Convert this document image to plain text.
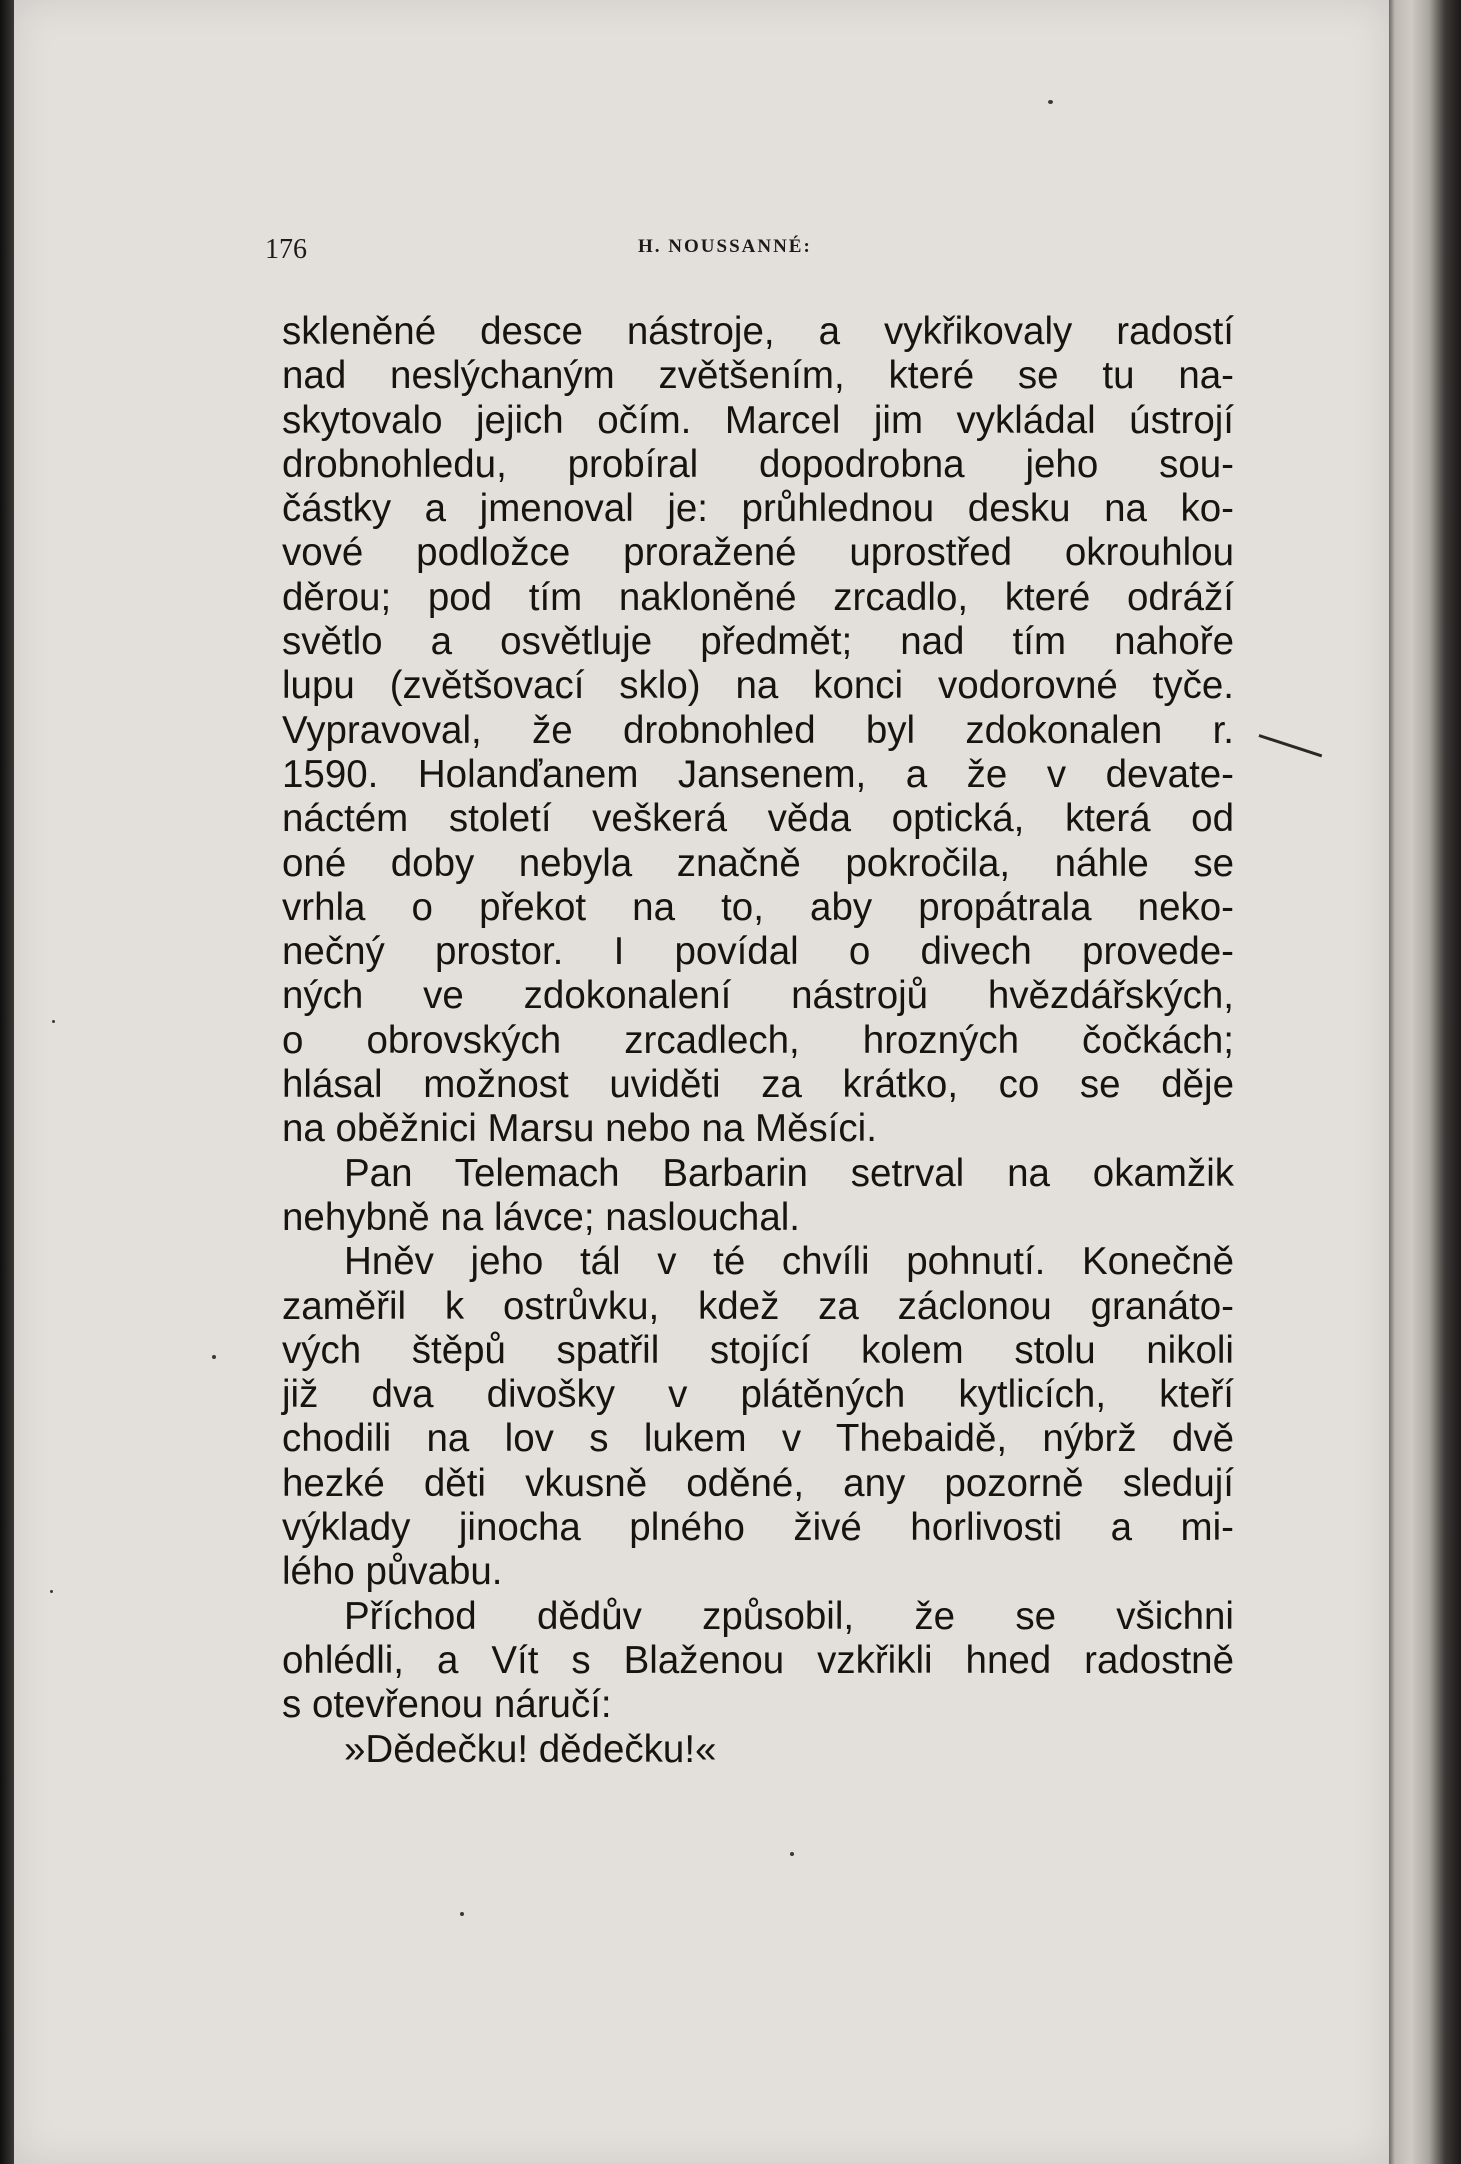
176	H. NOUSSANNÉ:
skleněné desce nástroje, a vykřikovaly radostí
nad neslýchaným zvětšením, které se tu na-
skytovalo jejich očím. Marcel jim vykládal ústrojí
drobnohledu, probíral dopodrobna jeho sou-
částky a jmenoval je: průhlednou desku na ko-
vové podložce proražené uprostřed okrouhlou
děrou; pod tím nakloněné zrcadlo, které odráží
světlo a osvětluje předmět; nad tím nahoře
lupu (zvětšovací sklo) na konci vodorovné tyče.
Vypravoval, že drobnohled byl zdokonalen r.
1590. Holanďanem Jansenem, a že v devate-
náctém století veškerá věda optická, která od
oné doby nebyla značně pokročila, náhle se
vrhla o překot na to, aby propátrala neko-
nečný prostor. I povídal o divech provede-
ných ve zdokonalení nástrojů hvězdářských,
o obrovských zrcadlech, hrozných čočkách;
hlásal možnost uviděti za krátko, co se děje
na oběžnici Marsu nebo na Měsíci.
Pan Telemach Barbarin setrval na okamžik
nehybně na lávce; naslouchal.
Hněv jeho tál v té chvíli pohnutí. Konečně
zaměřil k ostrůvku, kdež za záclonou granáto-
vých štěpů spatřil stojící kolem stolu nikoli
již dva divošky v plátěných kytlicích, kteří
chodili na lov s lukem v Thebaidě, nýbrž dvě
hezké děti vkusně oděné, any pozorně sledují
výklady jinocha plného živé horlivosti a mi-
lého půvabu.
Příchod dědův způsobil, že se všichni
ohlédli, a Vít s Blaženou vzkřikli hned radostně
s otevřenou náručí:
»Dědečku! dědečku!«
